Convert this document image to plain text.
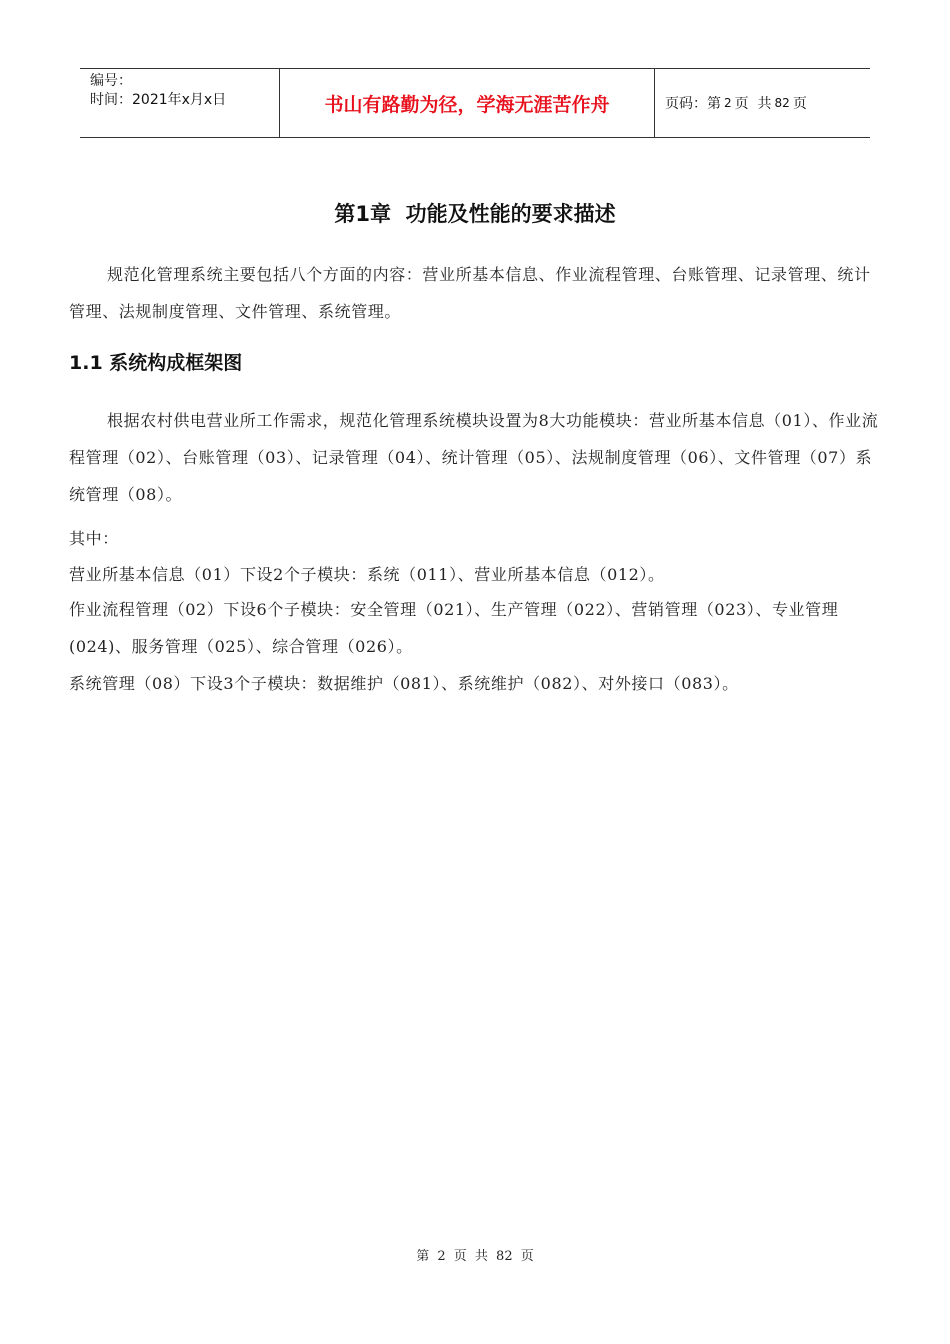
编号：
时间：2021年x月x日	书山有路勤为径，学海无涯苦作舟	页码：第 2 页  共 82 页
第1章  功能及性能的要求描述

规范化管理系统主要包括八个方面的内容：营业所基本信息、作业流程管理、台账管理、记录管理、统计管理、法规制度管理、文件管理、系统管理。

1.1 系统构成框架图

根据农村供电营业所工作需求，规范化管理系统模块设置为8大功能模块：营业所基本信息（01）、作业流程管理（02）、台账管理（03）、记录管理（04）、统计管理（05）、法规制度管理（06）、文件管理（07）系统管理（08）。

其中：

营业所基本信息（01）下设2个子模块：系统（011）、营业所基本信息（012）。

作业流程管理（02）下设6个子模块：安全管理（021）、生产管理（022）、营销管理（023）、专业管理(024)、服务管理（025）、综合管理（026）。

系统管理（08）下设3个子模块：数据维护（081）、系统维护（082）、对外接口（083）。

第 2 页 共 82 页
